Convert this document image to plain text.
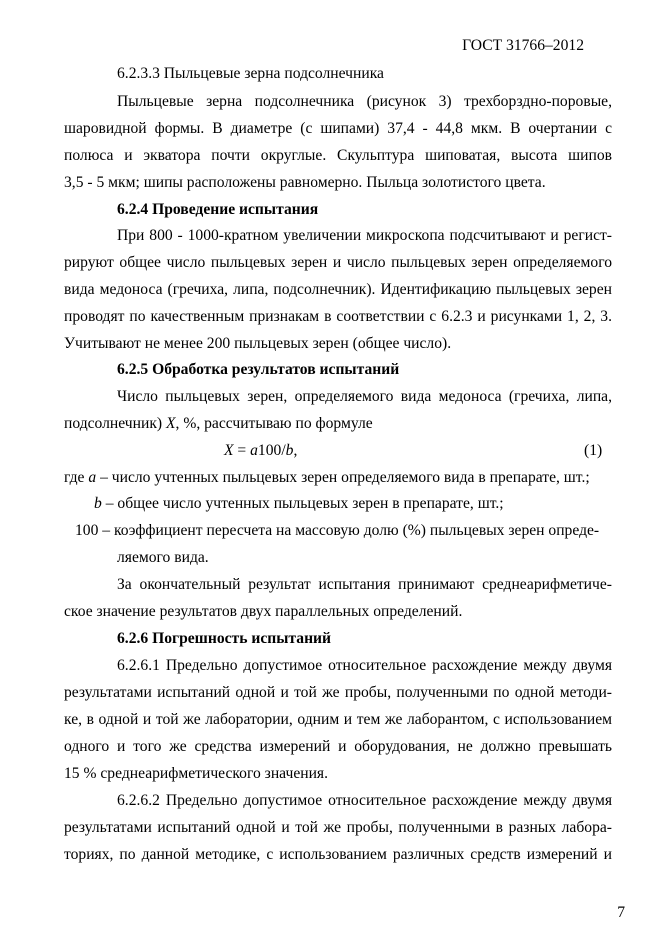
ГОСТ 31766–2012
6.2.3.3 Пыльцевые зерна подсолнечника
Пыльцевые зерна подсолнечника (рисунок 3) трехборздно-поровые,
шаровидной формы. В диаметре (с шипами) 37,4 - 44,8 мкм. В очертании с
полюса и экватора почти округлые. Скульптура шиповатая, высота шипов
3,5 - 5 мкм; шипы расположены равномерно. Пыльца золотистого цвета.
6.2.4 Проведение испытания
При 800 - 1000-кратном увеличении микроскопа подсчитывают и регист-
рируют общее число пыльцевых зерен и число пыльцевых зерен определяемого
вида медоноса (гречиха, липа, подсолнечник). Идентификацию пыльцевых зерен
проводят по качественным признакам в соответствии с 6.2.3 и рисунками 1, 2, 3.
Учитывают не менее 200 пыльцевых зерен (общее число).
6.2.5 Обработка результатов испытаний
Число пыльцевых зерен, определяемого вида медоноса (гречиха, липа,
подсолнечник) X, %, рассчитываю по формуле
X = a100/b,	(1)
где a – число учтенных пыльцевых зерен определяемого вида в препарате, шт.;
b – общее число учтенных пыльцевых зерен в препарате, шт.;
100 – коэффициент пересчета на массовую долю (%) пыльцевых зерен опреде-
ляемого вида.
За окончательный результат испытания принимают среднеарифметиче-
ское значение результатов двух параллельных определений.
6.2.6 Погрешность испытаний
6.2.6.1 Предельно допустимое относительное расхождение между двумя
результатами испытаний одной и той же пробы, полученными по одной методи-
ке, в одной и той же лаборатории, одним и тем же лаборантом, с использованием
одного и того же средства измерений и оборудования, не должно превышать
15 % среднеарифметического значения.
6.2.6.2 Предельно допустимое относительное расхождение между двумя
результатами испытаний одной и той же пробы, полученными в разных лабора-
ториях, по данной методике, с использованием различных средств измерений и
7
